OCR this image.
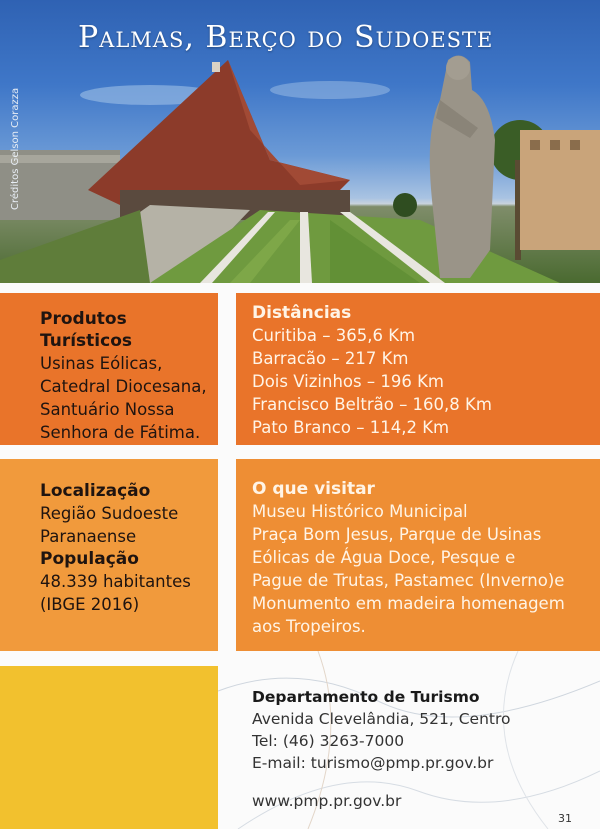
Palmas, Berço do Sudoeste
Créditos Gelson Corazza
Produtos Turísticos
Usinas Eólicas,
Catedral Diocesana,
Santuário Nossa
Senhora de Fátima.
Distâncias
Curitiba – 365,6 Km
Barracão – 217 Km
Dois Vizinhos – 196 Km
Francisco Beltrão – 160,8 Km
Pato Branco – 114,2 Km
Localização
Região Sudoeste
Paranaense
População
48.339 habitantes
(IBGE 2016)
O que visitar
Museu Histórico Municipal
Praça Bom Jesus, Parque de Usinas
Eólicas de Água Doce, Pesque e
Pague de Trutas, Pastamec (Inverno)e
Monumento em madeira homenagem
aos Tropeiros.
Departamento de Turismo
Avenida Clevelândia, 521, Centro
Tel: (46) 3263-7000
E-mail: turismo@pmp.pr.gov.br
www.pmp.pr.gov.br
31
